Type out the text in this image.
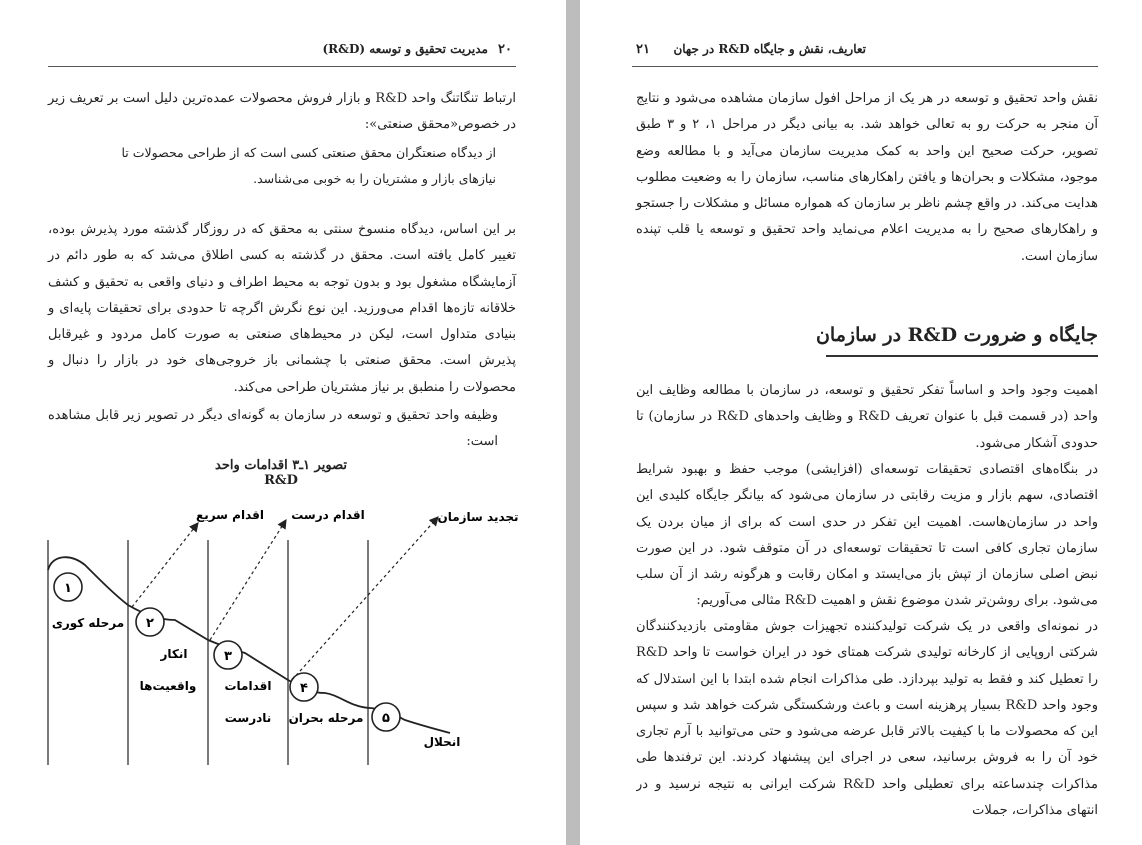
۲۰
مدیریت تحقیق و توسعه (R&D)
ارتباط تنگاتنگ واحد R&D و بازار فروش محصولات عمده‌ترین دلیل است بر تعریف زیر در خصوص«محقق صنعتی»:
از دیدگاه صنعتگران محقق صنعتی کسی است که از طراحی محصولات تا نیازهای بازار و مشتریان را به خوبی می‌شناسد.
بر این اساس، دیدگاه منسوخ سنتی به محقق که در روزگار گذشته مورد پذیرش بوده، تغییر کامل یافته است. محقق در گذشته به کسی اطلاق می‌شد که به طور دائم در آزمایشگاه مشغول بود و بدون توجه به محیط اطراف و دنیای واقعی به تحقیق و کشف خلاقانه تازه‌ها اقدام می‌ورزید. این نوع نگرش اگرچه تا حدودی برای تحقیقات پایه‌ای و بنیادی متداول است، لیکن در محیط‌های صنعتی به صورت کامل مردود و غیرقابل پذیرش است. محقق صنعتی با چشمانی باز خروجی‌های خود در بازار را دنبال و محصولات را منطبق بر نیاز مشتریان طراحی می‌کند.
وظیفه واحد تحقیق و توسعه در سازمان به گونه‌ای دیگر در تصویر زیر قابل مشاهده است:
تصویر ۱ـ۳ اقدامات واحد R&D
۱
۲
۳
۴
۵
اقدام سریع اقدام درست	تجدید سازمان
مرحله کوری
انکار
واقعیت‌ها اقدامات
نادرست مرحله بحران
انحلال
۲۱ تعاریف، نقش و جایگاه R&D در جهان
نقش واحد تحقیق و توسعه در هر یک از مراحل افول سازمان مشاهده می‌شود و نتایج آن منجر به حرکت رو به تعالی خواهد شد. به بیانی دیگر در مراحل ۱، ۲ و ۳ طبق تصویر، حرکت صحیح این واحد به کمک مدیریت سازمان می‌آید و با مطالعه وضع موجود، مشکلات و بحران‌ها و یافتن راهکارهای مناسب، سازمان را به وضعیت مطلوب هدایت می‌کند. در واقع چشم ناظر بر سازمان که همواره مسائل و مشکلات را جستجو و راهکارهای صحیح را به مدیریت اعلام می‌نماید واحد تحقیق و توسعه یا قلب تپنده سازمان است.
جایگاه و ضرورت R&D در سازمان
اهمیت وجود واحد و اساساً تفکر تحقیق و توسعه، در سازمان با مطالعه وظایف این واحد (در قسمت قبل با عنوان تعریف R&D و وظایف واحدهای R&D در سازمان) تا حدودی آشکار می‌شود.
در بنگاه‌های اقتصادی تحقیقات توسعه‌ای (افزایشی) موجب حفظ و بهبود شرایط اقتصادی، سهم بازار و مزیت رقابتی در سازمان می‌شود که بیانگر جایگاه کلیدی این واحد در سازمان‌هاست. اهمیت این تفکر در حدی است که برای از میان بردن یک سازمان تجاری کافی است تا تحقیقات توسعه‌ای در آن متوقف شود. در این صورت نبض اصلی سازمان از تپش باز می‌ایستد و امکان رقابت و هرگونه رشد از آن سلب می‌شود. برای روشن‌تر شدن موضوع نقش و اهمیت R&D مثالی می‌آوریم:
در نمونه‌ای واقعی در یک شرکت تولیدکننده تجهیزات جوش مقاومتی بازدیدکنندگان شرکتی اروپایی از کارخانه تولیدی شرکت همتای خود در ایران خواست تا واحد R&D را تعطیل کند و فقط به تولید بپردازد. طی مذاکرات انجام شده ابتدا با این استدلال که وجود واحد R&D بسیار پرهزینه است و باعث ورشکستگی شرکت خواهد شد و سپس این که محصولات ما با کیفیت بالاتر قابل عرضه می‌شود و حتی می‌توانید با آرم تجاری خود آن را به فروش برسانید، سعی در اجرای این پیشنهاد کردند. این ترفندها طی مذاکرات چندساعته برای تعطیلی واحد R&D شرکت ایرانی به نتیجه نرسید و در انتهای مذاکرات، جملات
